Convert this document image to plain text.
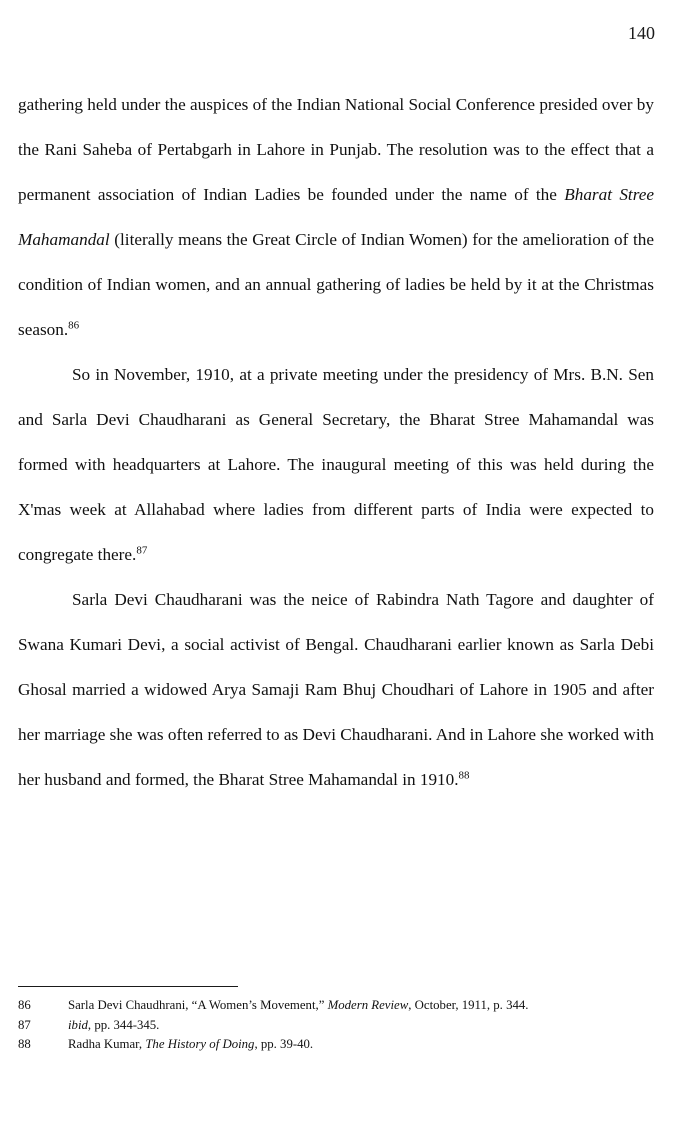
140

gathering held under the auspices of the Indian National Social Conference presided over by the Rani Saheba of Pertabgarh in Lahore in Punjab. The resolution was to the effect that a permanent association of Indian Ladies be founded under the name of the Bharat Stree Mahamandal (literally means the Great Circle of Indian Women) for the amelioration of the condition of Indian women, and an annual gathering of ladies be held by it at the Christmas season.$^{86}$

So in November, 1910, at a private meeting under the presidency of Mrs. B.N. Sen and Sarla Devi Chaudharani as General Secretary, the Bharat Stree Mahamandal was formed with headquarters at Lahore. The inaugural meeting of this was held during the X'mas week at Allahabad where ladies from different parts of India were expected to congregate there.$^{87}$

Sarla Devi Chaudharani was the neice of Rabindra Nath Tagore and daughter of Swana Kumari Devi, a social activist of Bengal. Chaudharani earlier known as Sarla Debi Ghosal married a widowed Arya Samaji Ram Bhuj Choudhari of Lahore in 1905 and after her marriage she was often referred to as Devi Chaudharani. And in Lahore she worked with her husband and formed, the Bharat Stree Mahamandal in 1910.88

86	Sarla Devi Chaudhrani, “A Women’s Movement,” Modern Review, October, 1911, p. 344.
87	ibid, pp. 344-345.
88	Radha Kumar, The History of Doing, pp. 39-40.
